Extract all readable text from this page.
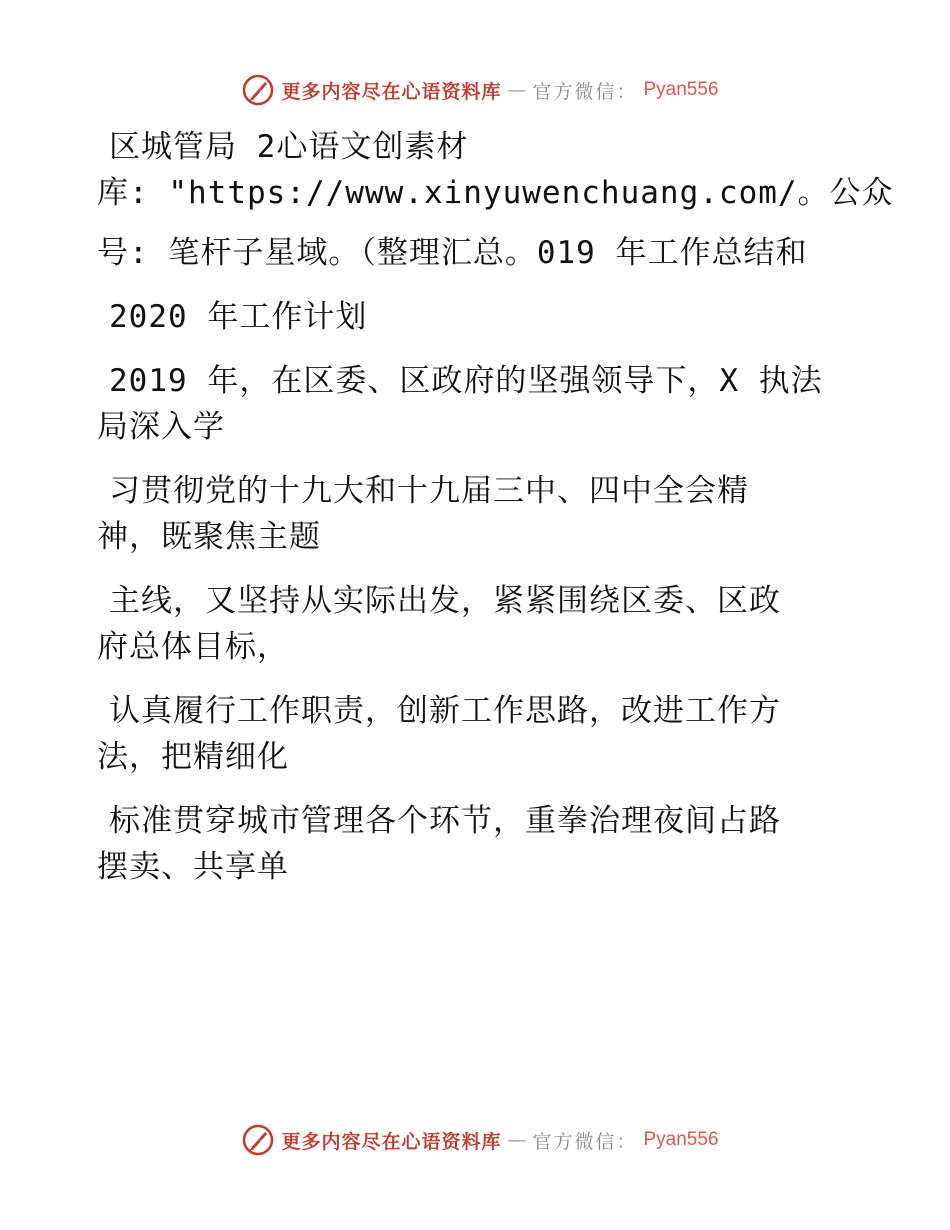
更多内容尽在心语资料库 — 官方微信： Pyan556
区城管局 2心语文创素材
库: "https://www.xinyuwenchuang.com/。公众
号: 笔杆子星域。（整理汇总。019 年工作总结和
2020 年工作计划
2019 年，在区委、区政府的坚强领导下，X 执法
局深入学
习贯彻党的十九大和十九届三中、四中全会精
神，既聚焦主题
主线，又坚持从实际出发，紧紧围绕区委、区政
府总体目标，
认真履行工作职责，创新工作思路，改进工作方
法，把精细化
标准贯穿城市管理各个环节，重拳治理夜间占路
摆卖、共享单
更多内容尽在心语资料库 — 官方微信： Pyan556
